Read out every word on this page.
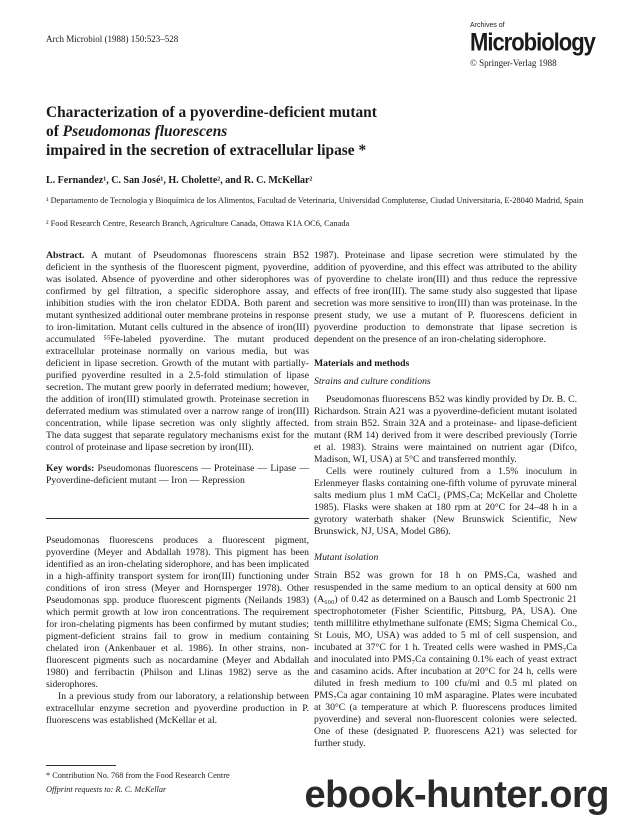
Arch Microbiol (1988) 150:523–528
Archives of
Microbiology
© Springer-Verlag 1988
Characterization of a pyoverdine-deficient mutant
of Pseudomonas fluorescens
impaired in the secretion of extracellular lipase *
L. Fernandez¹, C. San José¹, H. Cholette², and R. C. McKellar²
¹ Departamento de Tecnologia y Bioquímica de los Alimentos, Facultad de Veterinaria, Universidad Complutense, Ciudad Universitaria, E-28040 Madrid, Spain
² Food Research Centre, Research Branch, Agriculture Canada, Ottawa K1A OC6, Canada

Abstract. A mutant of Pseudomonas fluorescens strain B52 deficient in the synthesis of the fluorescent pigment, pyoverdine, was isolated. Absence of pyoverdine and other siderophores was confirmed by gel filtration, a specific siderophore assay, and inhibition studies with the iron chelator EDDA. Both parent and mutant synthesized additional outer membrane proteins in response to iron-limitation. Mutant cells cultured in the absence of iron(III) accumulated ⁵⁵Fe-labeled pyoverdine. The mutant produced extracellular proteinase normally on various media, but was deficient in lipase secretion. Growth of the mutant with partially-purified pyoverdine resulted in a 2.5-fold stimulation of lipase secretion. The mutant grew poorly in deferrated medium; however, the addition of iron(III) stimulated growth. Proteinase secretion in deferrated medium was stimulated over a narrow range of iron(III) concentration, while lipase secretion was only slightly affected. The data suggest that separate regulatory mechanisms exist for the control of proteinase and lipase secretion by iron(III).

Key words: Pseudomonas fluorescens — Proteinase — Lipase — Pyoverdine-deficient mutant — Iron — Repression

Pseudomonas fluorescens produces a fluorescent pigment, pyoverdine (Meyer and Abdallah 1978). This pigment has been identified as an iron-chelating siderophore, and has been implicated in a high-affinity transport system for iron(III) functioning under conditions of iron stress (Meyer and Hornsperger 1978). Other Pseudomonas spp. produce fluorescent pigments (Neilands 1983) which permit growth at low iron concentrations. The requirement for iron-chelating pigments has been confirmed by mutant studies; pigment-deficient strains fail to grow in medium containing chelated iron (Ankenbauer et al. 1986). In other strains, non-fluorescent pigments such as nocardamine (Meyer and Abdallah 1980) and ferribactin (Philson and Llinas 1982) serve as the siderophores.

In a previous study from our laboratory, a relationship between extracellular enzyme secretion and pyoverdine production in P. fluorescens was established (McKellar et al.

* Contribution No. 768 from the Food Research Centre
Offprint requests to: R. C. McKellar

1987). Proteinase and lipase secretion were stimulated by the addition of pyoverdine, and this effect was attributed to the ability of pyoverdine to chelate iron(III) and thus reduce the repressive effects of free iron(III). The same study also suggested that lipase secretion was more sensitive to iron(III) than was proteinase. In the present study, we use a mutant of P. fluorescens deficient in pyoverdine production to demonstrate that lipase secretion is dependent on the presence of an iron-chelating siderophore.

Materials and methods

Strains and culture conditions

Pseudomonas fluorescens B52 was kindly provided by Dr. B. C. Richardson. Strain A21 was a pyoverdine-deficient mutant isolated from strain B52. Strain 32A and a proteinase- and lipase-deficient mutant (RM 14) derived from it were described previously (Torrie et al. 1983). Strains were maintained on nutrient agar (Difco, Madison, WI, USA) at 5°C and transferred monthly.

Cells were routinely cultured from a 1.5% inoculum in Erlenmeyer flasks containing one-fifth volume of pyruvate mineral salts medium plus 1 mM CaCl₂ (PMS₇Ca; McKellar and Cholette 1985). Flasks were shaken at 180 rpm at 20°C for 24–48 h in a gyrotory waterbath shaker (New Brunswick Scientific, New Brunswick, NJ, USA, Model G86).

Mutant isolation

Strain B52 was grown for 18 h on PMS₇Ca, washed and resuspended in the same medium to an optical density at 600 nm (A₆₀₀) of 0.42 as determined on a Bausch and Lomb Spectronic 21 spectrophotometer (Fisher Scientific, Pittsburg, PA, USA). One tenth millilitre ethylmethane sulfonate (EMS; Sigma Chemical Co., St Louis, MO, USA) was added to 5 ml of cell suspension, and incubated at 37°C for 1 h. Treated cells were washed in PMS₇Ca and inoculated into PMS₇Ca containing 0.1% each of yeast extract and casamino acids. After incubation at 20°C for 24 h, cells were diluted in fresh medium to 100 cfu/ml and 0.5 ml plated on PMS₇Ca agar containing 10 mM asparagine. Plates were incubated at 30°C (a temperature at which P. fluorescens produces limited pyoverdine) and several non-fluorescent colonies were selected. One of these (designated P. fluorescens A21) was selected for further study.

ebook-hunter.org
